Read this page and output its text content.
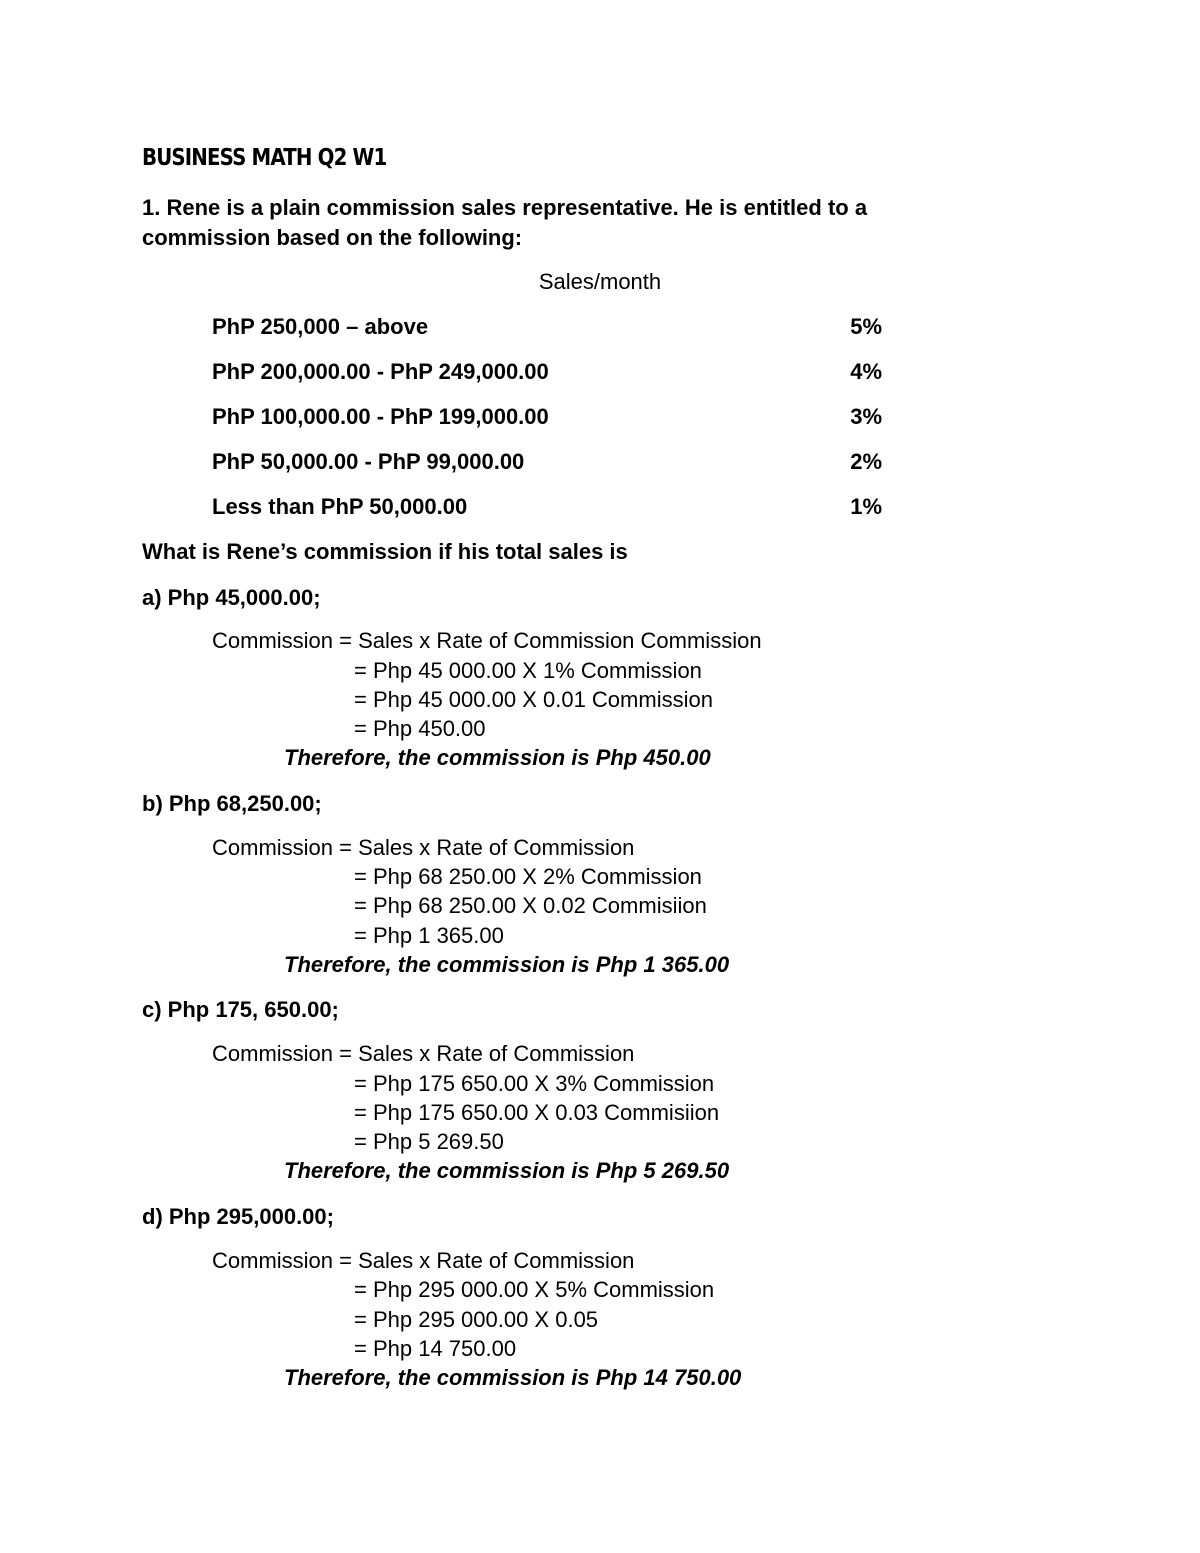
BUSINESS MATH Q2 W1
1. Rene is a plain commission sales representative. He is entitled to a
commission based on the following:
Sales/month
PhP 250,000 – above	5%
PhP 200,000.00 - PhP 249,000.00	4%
PhP 100,000.00 - PhP 199,000.00	3%
PhP 50,000.00 - PhP 99,000.00	2%
Less than PhP 50,000.00	1%
What is Rene’s commission if his total sales is
a) Php 45,000.00;
Commission = Sales x Rate of Commission Commission
= Php 45 000.00 X 1% Commission
= Php 45 000.00 X 0.01 Commission
= Php 450.00
Therefore, the commission is Php 450.00
b) Php 68,250.00;
Commission = Sales x Rate of Commission
= Php 68 250.00 X 2% Commission
= Php 68 250.00 X 0.02 Commisiion
= Php 1 365.00
Therefore, the commission is Php 1 365.00
c) Php 175, 650.00;
Commission = Sales x Rate of Commission
= Php 175 650.00 X 3% Commission
= Php 175 650.00 X 0.03 Commisiion
= Php 5 269.50
Therefore, the commission is Php 5 269.50
d) Php 295,000.00;
Commission = Sales x Rate of Commission
= Php 295 000.00 X 5% Commission
= Php 295 000.00 X 0.05
= Php 14 750.00
Therefore, the commission is Php 14 750.00
